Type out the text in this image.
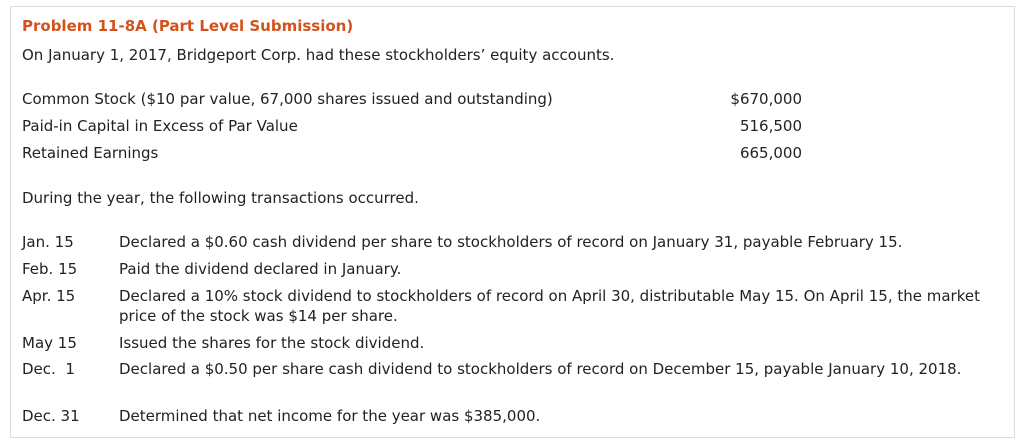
Problem 11-8A (Part Level Submission)
On January 1, 2017, Bridgeport Corp. had these stockholders’ equity accounts.
Common Stock ($10 par value, 67,000 shares issued and outstanding)	$670,000
Paid-in Capital in Excess of Par Value	516,500
Retained Earnings	665,000
During the year, the following transactions occurred.
Jan. 15	Declared a $0.60 cash dividend per share to stockholders of record on January 31, payable February 15.
Feb. 15	Paid the dividend declared in January.
Apr. 15	Declared a 10% stock dividend to stockholders of record on April 30, distributable May 15. On April 15, the market price of the stock was $14 per share.
May 15	Issued the shares for the stock dividend.
Dec.  1	Declared a $0.50 per share cash dividend to stockholders of record on December 15, payable January 10, 2018.
Dec. 31	Determined that net income for the year was $385,000.
